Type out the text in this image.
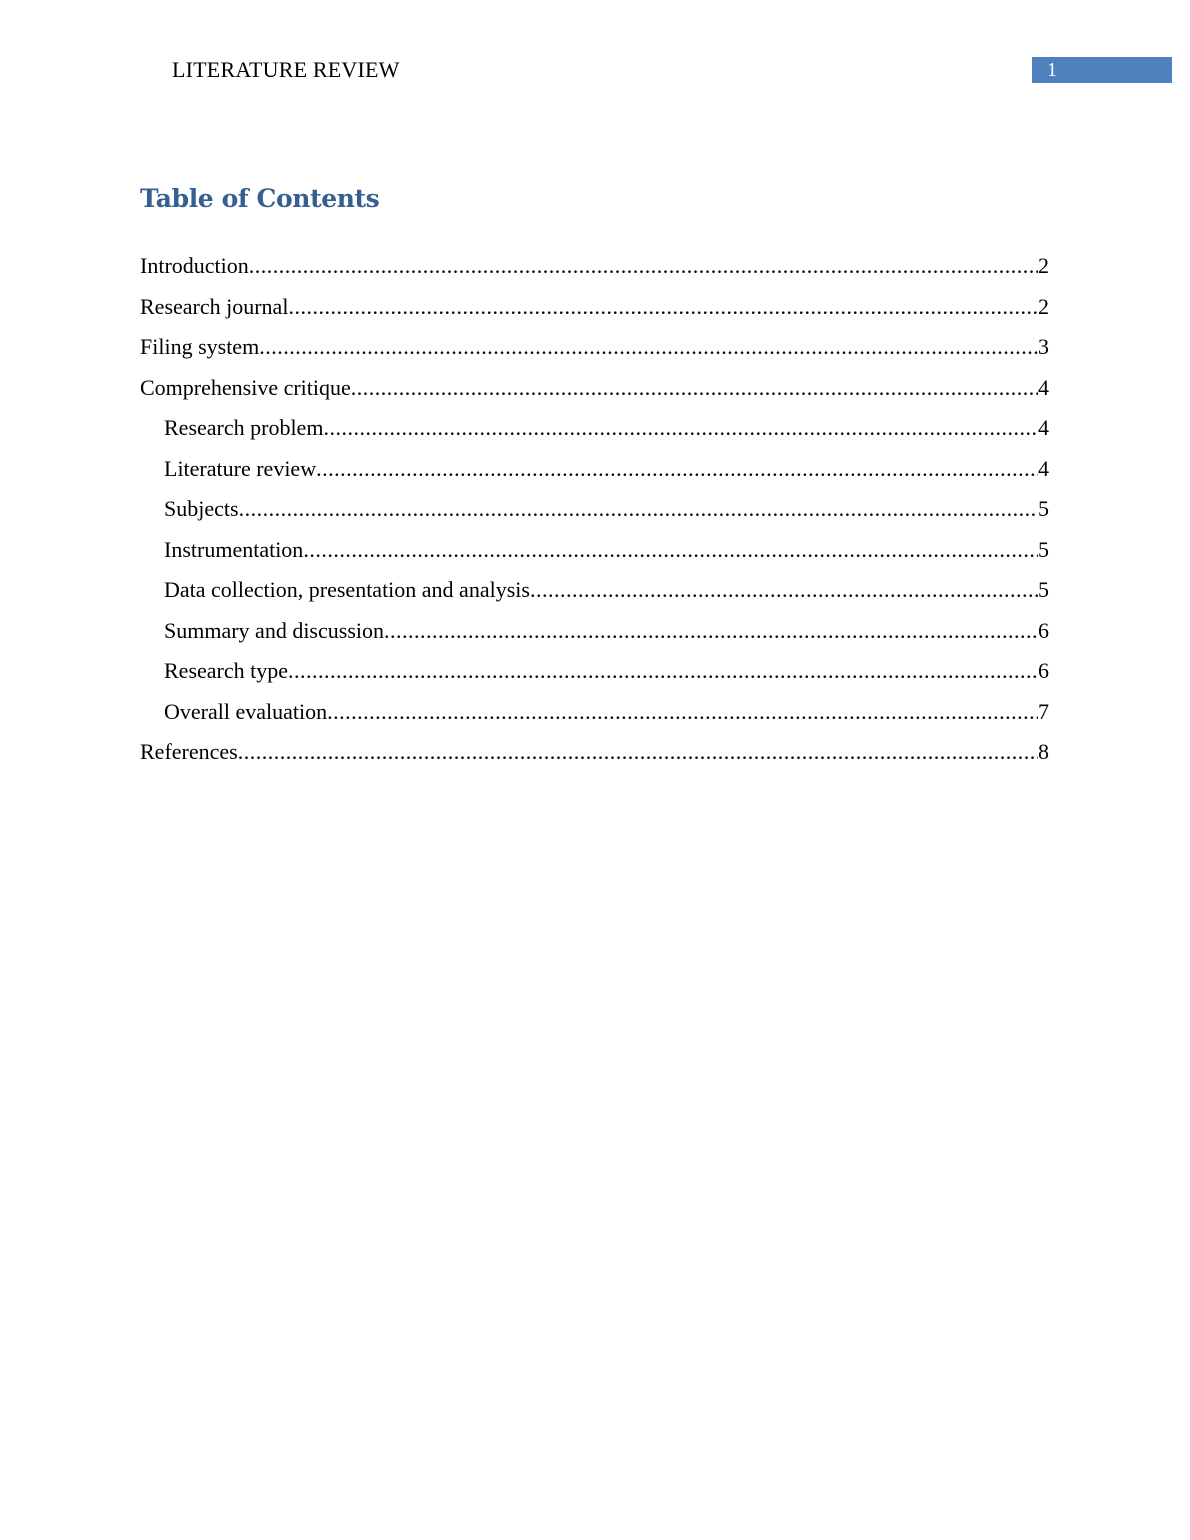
LITERATURE REVIEW	1
Table of Contents
Introduction .....	2
Research journal .....	2
Filing system .....	3
Comprehensive critique .....	4
Research problem .....	4
Literature review .....	4
Subjects .....	5
Instrumentation .....	5
Data collection, presentation and analysis .....	5
Summary and discussion .....	6
Research type .....	6
Overall evaluation .....	7
References .....	8
